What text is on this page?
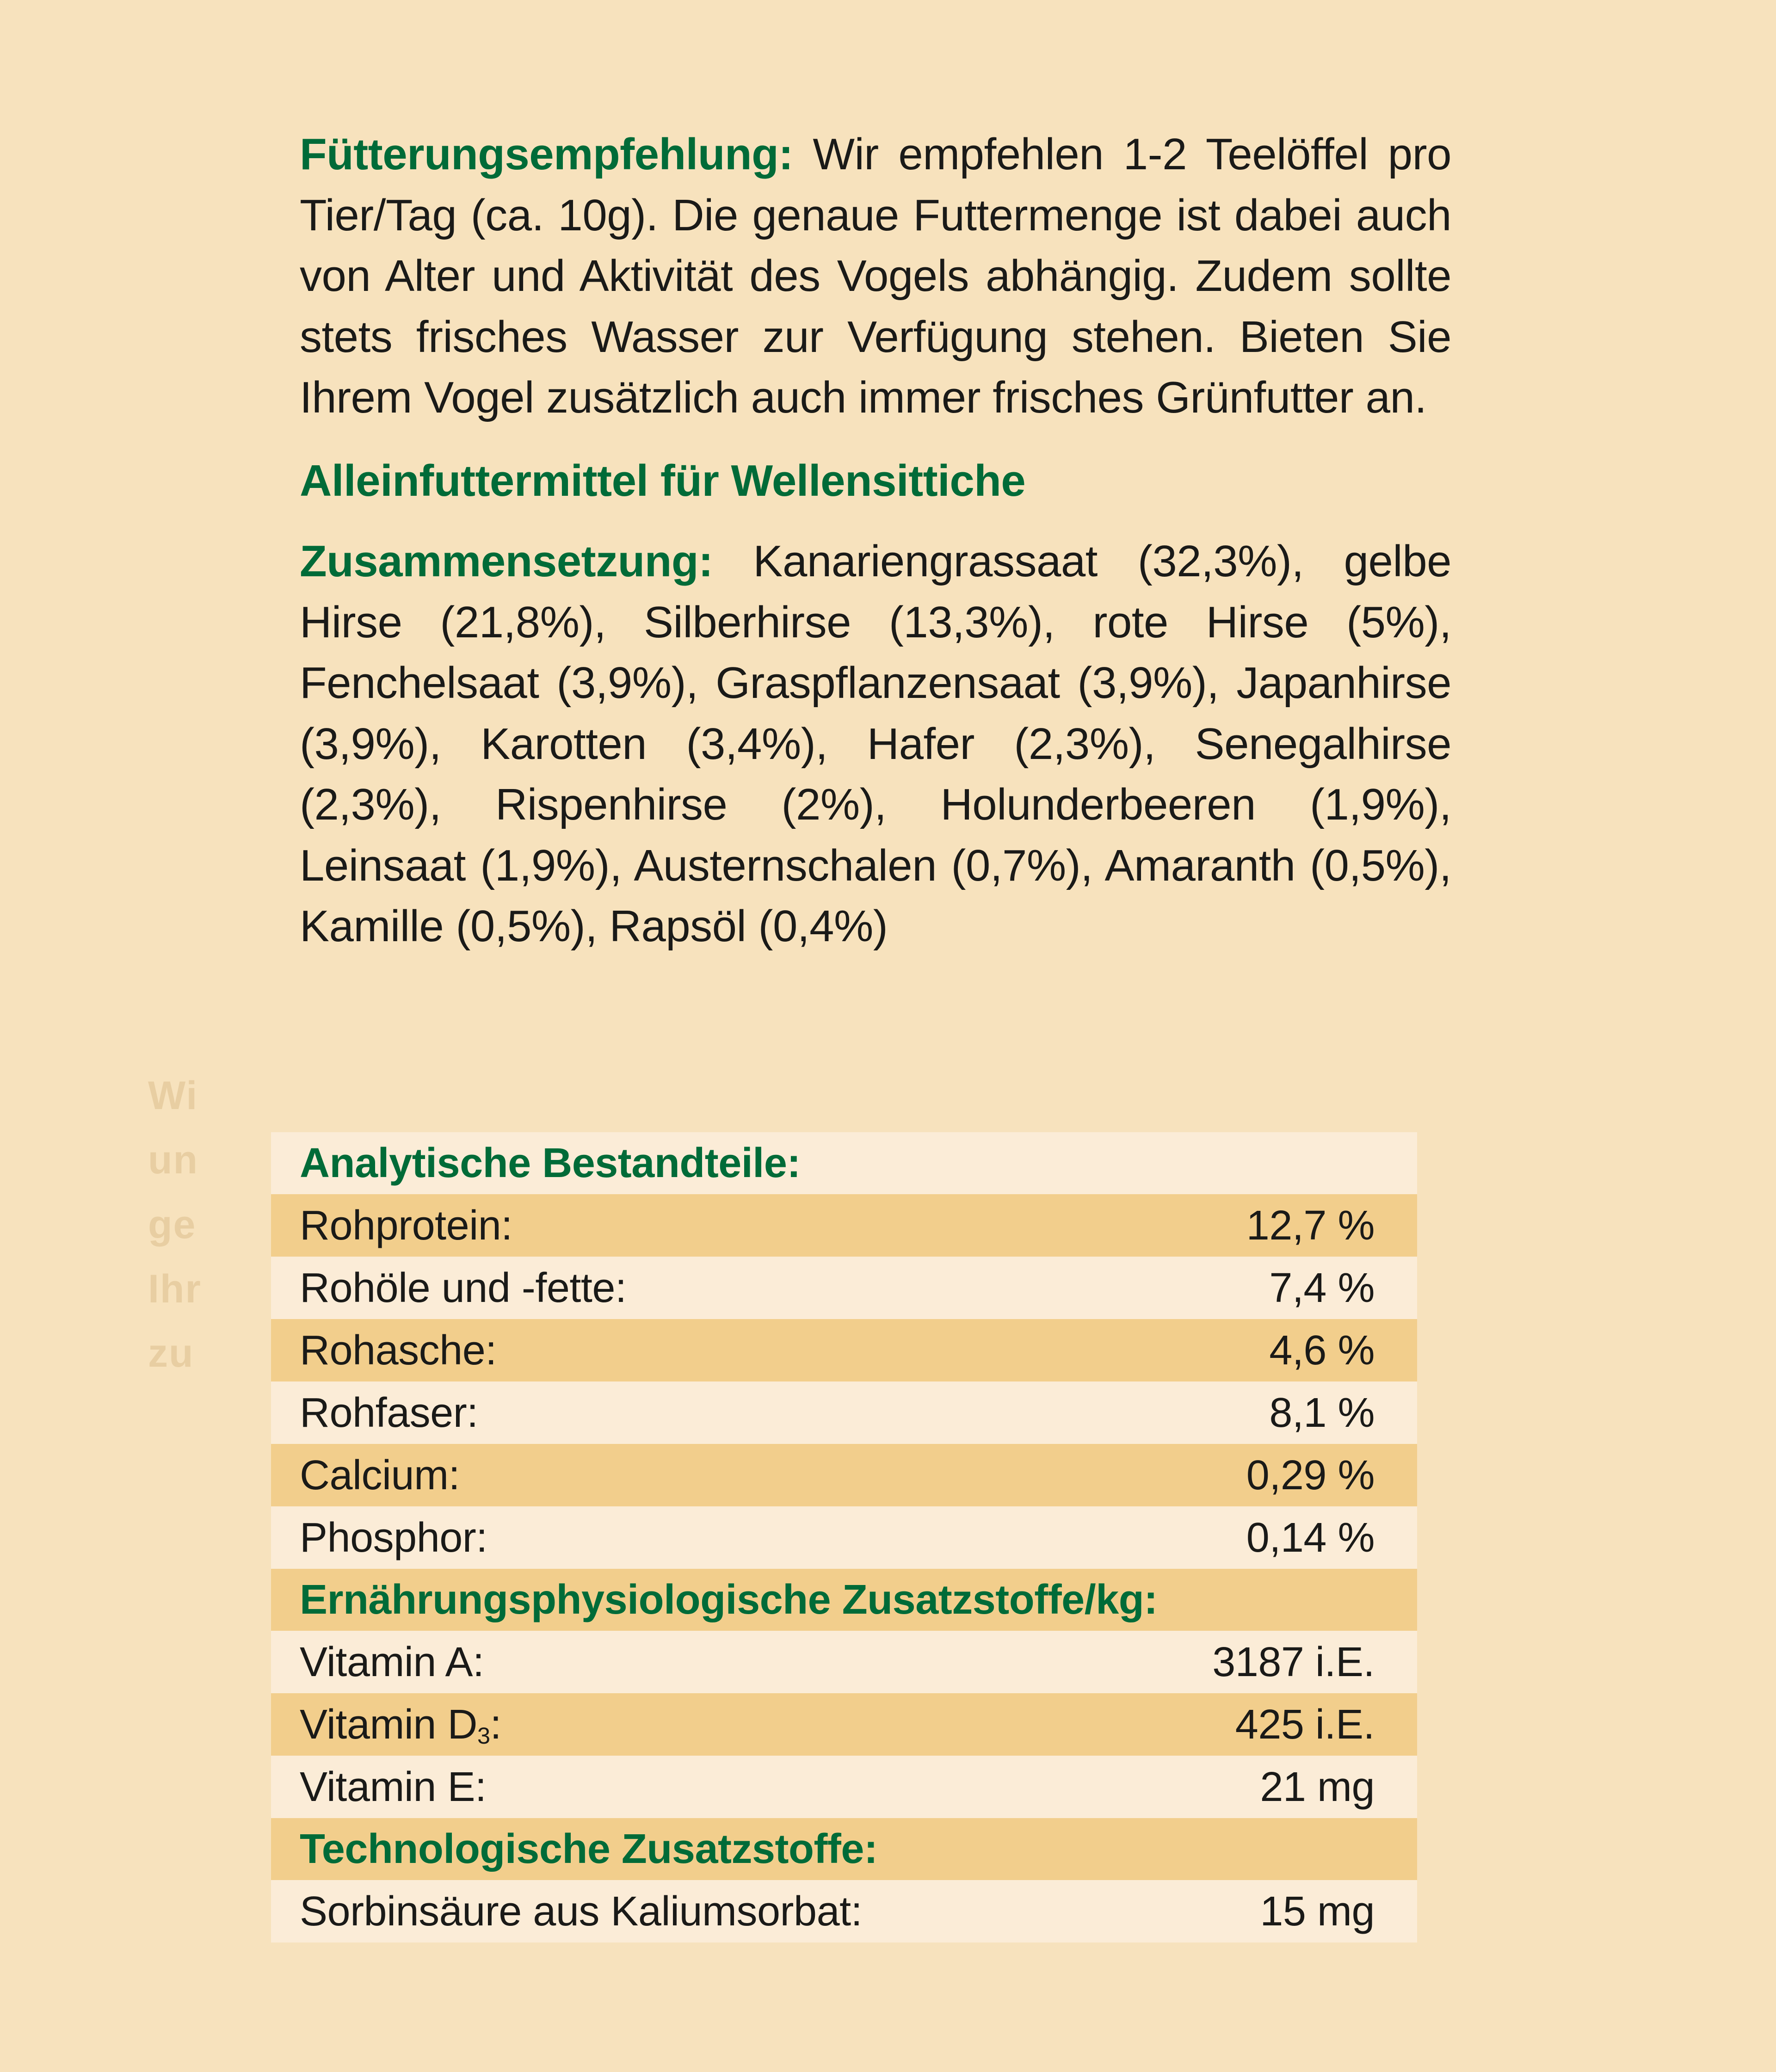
Wi
un
ge
Ihr
zu

Fütterungsempfehlung: Wir empfehlen 1-2 Teelöffel pro Tier/Tag (ca. 10g). Die genaue Futtermenge ist dabei auch von Alter und Aktivität des Vogels abhängig. Zudem sollte stets frisches Wasser zur Verfügung stehen. Bieten Sie Ihrem Vogel zusätzlich auch immer frisches Grünfutter an.

Alleinfuttermittel für Wellensittiche

Zusammensetzung: Kanariengrassaat (32,3%), gelbe Hirse (21,8%), Silberhirse (13,3%), rote Hirse (5%), Fenchelsaat (3,9%), Graspflanzensaat (3,9%), Japanhirse (3,9%), Karotten (3,4%), Hafer (2,3%), Senegalhirse (2,3%), Rispenhirse (2%), Holunderbeeren (1,9%), Leinsaat (1,9%), Austernschalen (0,7%), Amaranth (0,5%), Kamille (0,5%), Rapsöl (0,4%)

Analytische Bestandteile:
Rohprotein:	12,7 %
Rohöle und -fette:	7,4 %
Rohasche:	4,6 %
Rohfaser:	8,1 %
Calcium:	0,29 %
Phosphor:	0,14 %
Ernährungsphysiologische Zusatzstoffe/kg:
Vitamin A:	3187 i.E.
Vitamin $D_3$:	425 i.E.
Vitamin E:	21 mg
Technologische Zusatzstoffe:
Sorbinsäure aus Kaliumsorbat:	15 mg
